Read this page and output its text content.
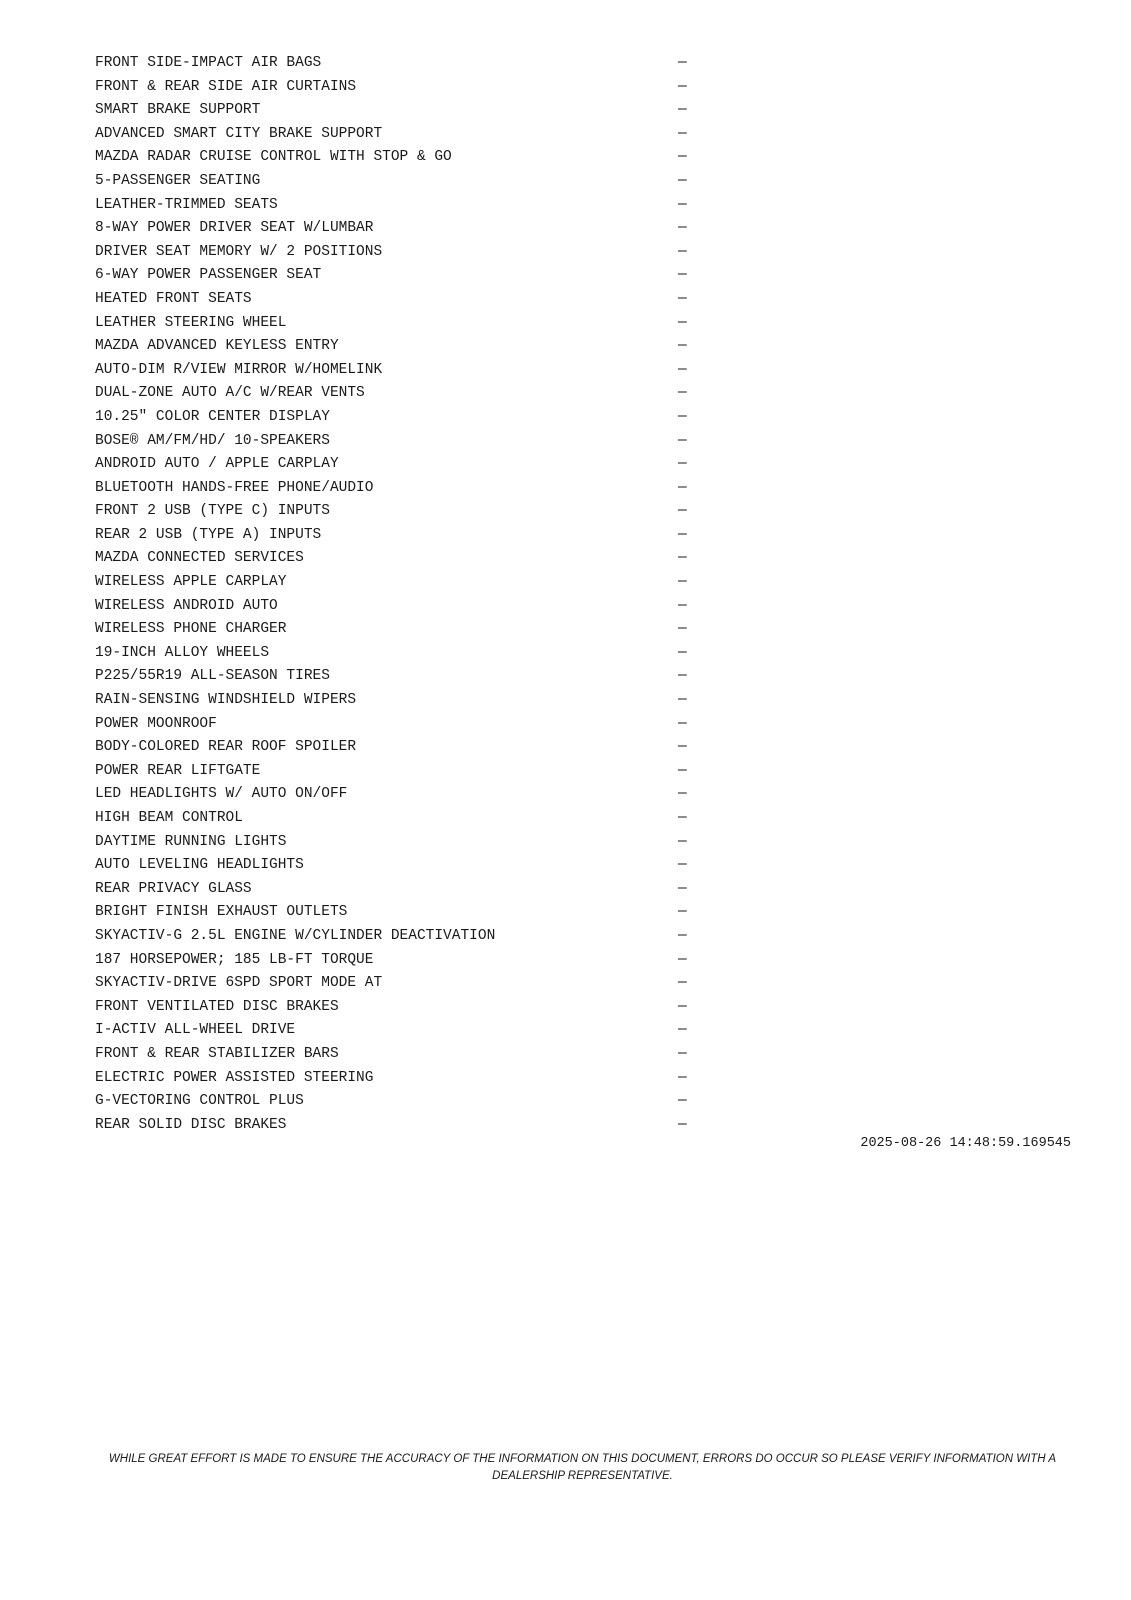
FRONT SIDE-IMPACT AIR BAGS	—
FRONT & REAR SIDE AIR CURTAINS	—
SMART BRAKE SUPPORT	—
ADVANCED SMART CITY BRAKE SUPPORT	—
MAZDA RADAR CRUISE CONTROL WITH STOP & GO	—
5-PASSENGER SEATING	—
LEATHER-TRIMMED SEATS	—
8-WAY POWER DRIVER SEAT W/LUMBAR	—
DRIVER SEAT MEMORY W/ 2 POSITIONS	—
6-WAY POWER PASSENGER SEAT	—
HEATED FRONT SEATS	—
LEATHER STEERING WHEEL	—
MAZDA ADVANCED KEYLESS ENTRY	—
AUTO-DIM R/VIEW MIRROR W/HOMELINK	—
DUAL-ZONE AUTO A/C W/REAR VENTS	—
10.25" COLOR CENTER DISPLAY	—
BOSE® AM/FM/HD/ 10-SPEAKERS	—
ANDROID AUTO / APPLE CARPLAY	—
BLUETOOTH HANDS-FREE PHONE/AUDIO	—
FRONT 2 USB (TYPE C) INPUTS	—
REAR 2 USB (TYPE A) INPUTS	—
MAZDA CONNECTED SERVICES	—
WIRELESS APPLE CARPLAY	—
WIRELESS ANDROID AUTO	—
WIRELESS PHONE CHARGER	—
19-INCH ALLOY WHEELS	—
P225/55R19 ALL-SEASON TIRES	—
RAIN-SENSING WINDSHIELD WIPERS	—
POWER MOONROOF	—
BODY-COLORED REAR ROOF SPOILER	—
POWER REAR LIFTGATE	—
LED HEADLIGHTS W/ AUTO ON/OFF	—
HIGH BEAM CONTROL	—
DAYTIME RUNNING LIGHTS	—
AUTO LEVELING HEADLIGHTS	—
REAR PRIVACY GLASS	—
BRIGHT FINISH EXHAUST OUTLETS	—
SKYACTIV-G 2.5L ENGINE W/CYLINDER DEACTIVATION	—
187 HORSEPOWER; 185 LB-FT TORQUE	—
SKYACTIV-DRIVE 6SPD SPORT MODE AT	—
FRONT VENTILATED DISC BRAKES	—
I-ACTIV ALL-WHEEL DRIVE	—
FRONT & REAR STABILIZER BARS	—
ELECTRIC POWER ASSISTED STEERING	—
G-VECTORING CONTROL PLUS	—
REAR SOLID DISC BRAKES	—
2025-08-26 14:48:59.169545
WHILE GREAT EFFORT IS MADE TO ENSURE THE ACCURACY OF THE INFORMATION ON THIS DOCUMENT, ERRORS DO OCCUR SO PLEASE VERIFY INFORMATION WITH A DEALERSHIP REPRESENTATIVE.
